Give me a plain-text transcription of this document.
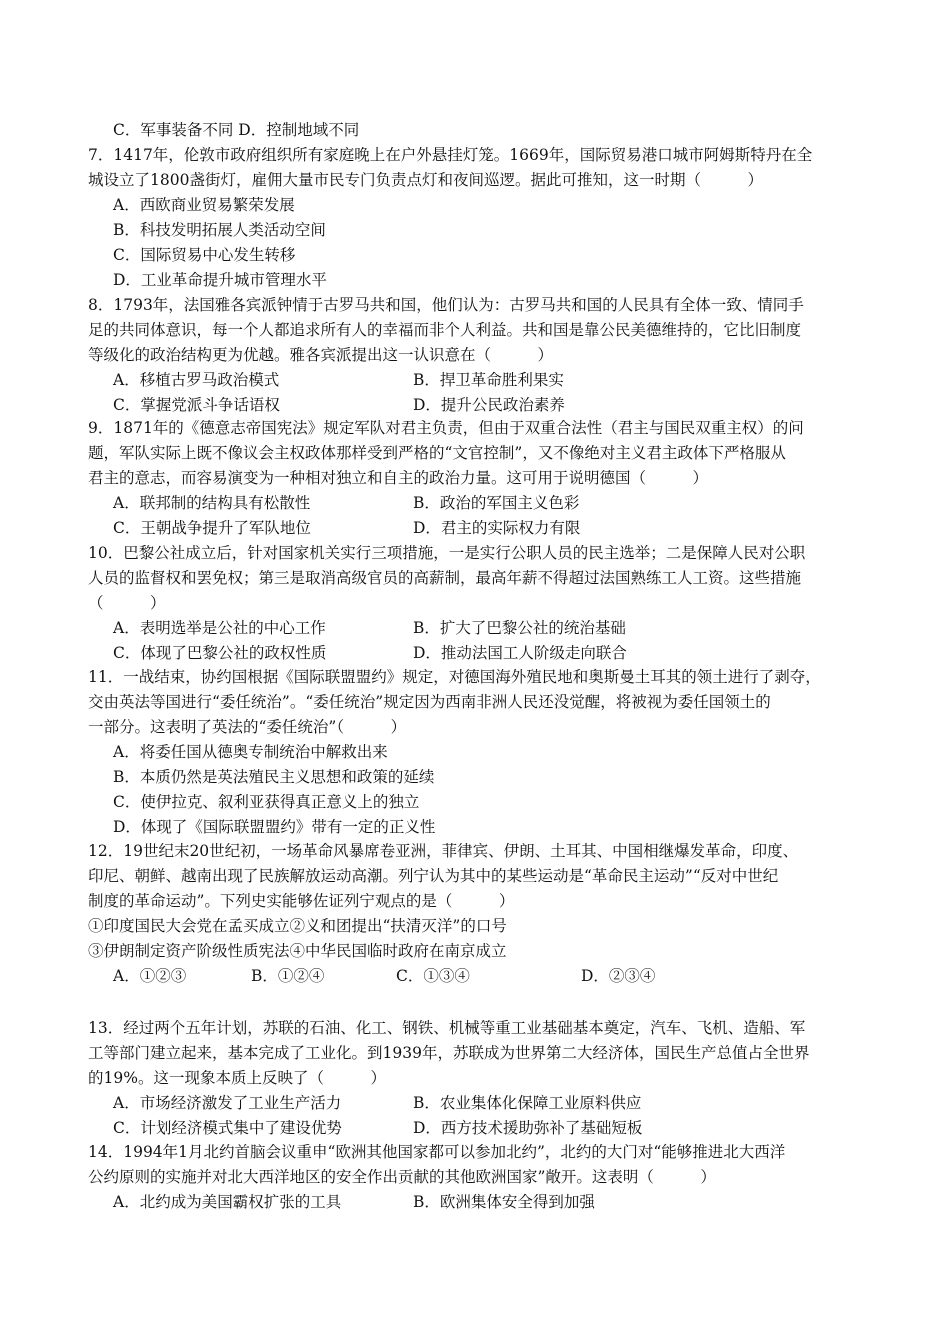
C．军事装备不同 D．控制地域不同
7．1417年，伦敦市政府组织所有家庭晚上在户外悬挂灯笼。1669年，国际贸易港口城市阿姆斯特丹在全
城设立了1800盏街灯，雇佣大量市民专门负责点灯和夜间巡逻。据此可推知，这一时期（　　　）
A．西欧商业贸易繁荣发展
B．科技发明拓展人类活动空间
C．国际贸易中心发生转移
D．工业革命提升城市管理水平
8．1793年，法国雅各宾派钟情于古罗马共和国，他们认为：古罗马共和国的人民具有全体一致、情同手
足的共同体意识，每一个人都追求所有人的幸福而非个人利益。共和国是靠公民美德维持的，它比旧制度
等级化的政治结构更为优越。雅各宾派提出这一认识意在（　　　）
A．移植古罗马政治模式	B．捍卫革命胜利果实
C．掌握党派斗争话语权	D．提升公民政治素养
9．1871年的《德意志帝国宪法》规定军队对君主负责，但由于双重合法性（君主与国民双重主权）的问
题，军队实际上既不像议会主权政体那样受到严格的“文官控制”，又不像绝对主义君主政体下严格服从
君主的意志，而容易演变为一种相对独立和自主的政治力量。这可用于说明德国（　　　）
A．联邦制的结构具有松散性	B．政治的军国主义色彩
C．王朝战争提升了军队地位	D．君主的实际权力有限
10．巴黎公社成立后，针对国家机关实行三项措施，一是实行公职人员的民主选举；二是保障人民对公职
人员的监督权和罢免权；第三是取消高级官员的高薪制，最高年薪不得超过法国熟练工人工资。这些措施
（　　　）
A．表明选举是公社的中心工作	B．扩大了巴黎公社的统治基础
C．体现了巴黎公社的政权性质	D．推动法国工人阶级走向联合
11．一战结束，协约国根据《国际联盟盟约》规定，对德国海外殖民地和奥斯曼土耳其的领土进行了剥夺，
交由英法等国进行“委任统治”。“委任统治”规定因为西南非洲人民还没觉醒，将被视为委任国领土的
一部分。这表明了英法的“委任统治”（　　　）
A．将委任国从德奥专制统治中解救出来
B．本质仍然是英法殖民主义思想和政策的延续
C．使伊拉克、叙利亚获得真正意义上的独立
D．体现了《国际联盟盟约》带有一定的正义性
12．19世纪末20世纪初，一场革命风暴席卷亚洲，菲律宾、伊朗、土耳其、中国相继爆发革命，印度、
印尼、朝鲜、越南出现了民族解放运动高潮。列宁认为其中的某些运动是“革命民主运动”“反对中世纪
制度的革命运动”。下列史实能够佐证列宁观点的是（　　　）
①印度国民大会党在孟买成立②义和团提出“扶清灭洋”的口号
③伊朗制定资产阶级性质宪法④中华民国临时政府在南京成立
A．①②③	B．①②④	C．①③④	D．②③④
13．经过两个五年计划，苏联的石油、化工、钢铁、机械等重工业基础基本奠定，汽车、飞机、造船、军
工等部门建立起来，基本完成了工业化。到1939年，苏联成为世界第二大经济体，国民生产总值占全世界
的19%。这一现象本质上反映了（　　　）
A．市场经济激发了工业生产活力	B．农业集体化保障工业原料供应
C．计划经济模式集中了建设优势	D．西方技术援助弥补了基础短板
14．1994年1月北约首脑会议重申“欧洲其他国家都可以参加北约”，北约的大门对“能够推进北大西洋
公约原则的实施并对北大西洋地区的安全作出贡献的其他欧洲国家”敞开。这表明（　　　）
A．北约成为美国霸权扩张的工具	B．欧洲集体安全得到加强
